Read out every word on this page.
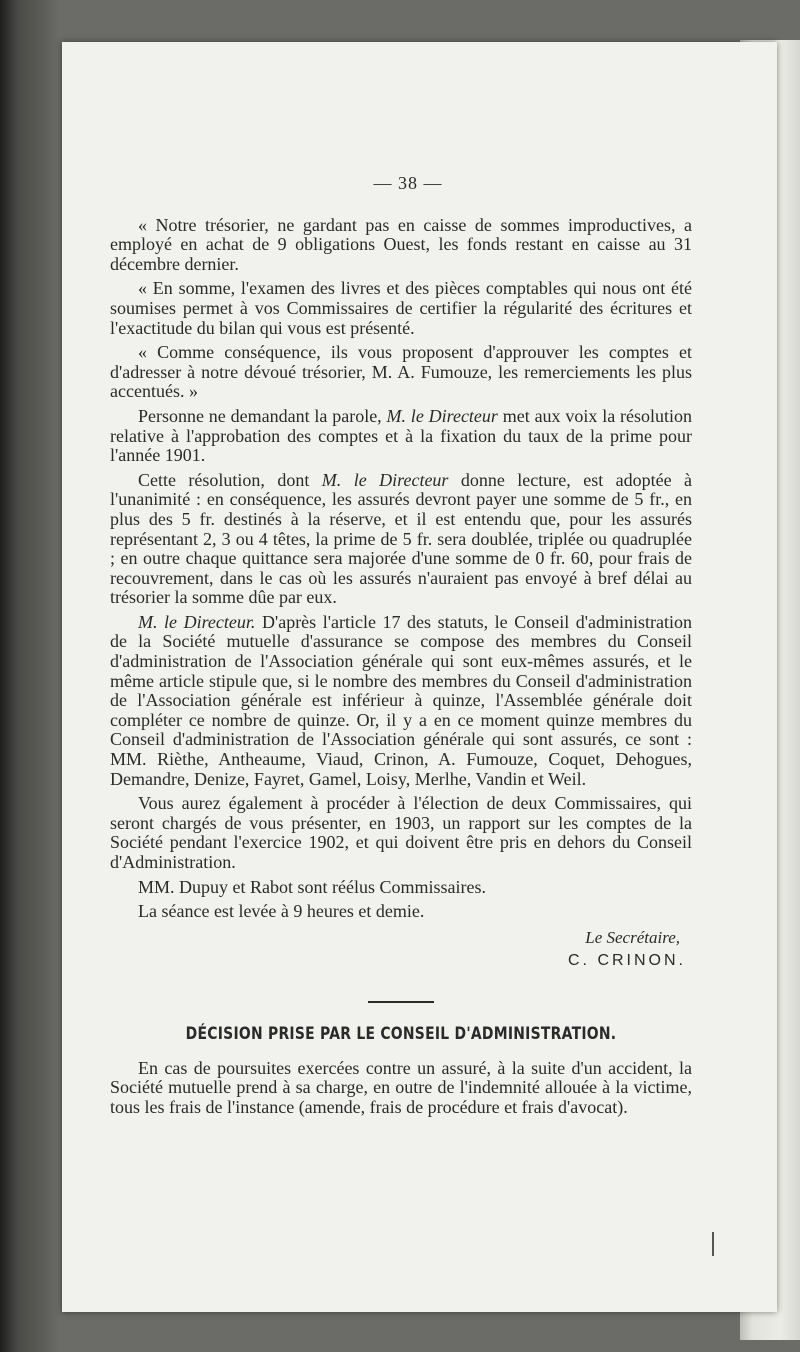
— 38 —

« Notre trésorier, ne gardant pas en caisse de sommes improductives, a employé en achat de 9 obligations Ouest, les fonds restant en caisse au 31 décembre dernier.

« En somme, l'examen des livres et des pièces comptables qui nous ont été soumises permet à vos Commissaires de certifier la régularité des écritures et l'exactitude du bilan qui vous est présenté.

« Comme conséquence, ils vous proposent d'approuver les comptes et d'adresser à notre dévoué trésorier, M. A. Fumouze, les remerciements les plus accentués. »

Personne ne demandant la parole, M. le Directeur met aux voix la résolution relative à l'approbation des comptes et à la fixation du taux de la prime pour l'année 1901.

Cette résolution, dont M. le Directeur donne lecture, est adoptée à l'unanimité : en conséquence, les assurés devront payer une somme de 5 fr., en plus des 5 fr. destinés à la réserve, et il est entendu que, pour les assurés représentant 2, 3 ou 4 têtes, la prime de 5 fr. sera doublée, triplée ou quadruplée ; en outre chaque quittance sera majorée d'une somme de 0 fr. 60, pour frais de recouvrement, dans le cas où les assurés n'auraient pas envoyé à bref délai au trésorier la somme dûe par eux.

M. le Directeur. D'après l'article 17 des statuts, le Conseil d'administration de la Société mutuelle d'assurance se compose des membres du Conseil d'administration de l'Association générale qui sont eux-mêmes assurés, et le même article stipule que, si le nombre des membres du Conseil d'administration de l'Association générale est inférieur à quinze, l'Assemblée générale doit compléter ce nombre de quinze. Or, il y a en ce moment quinze membres du Conseil d'administration de l'Association générale qui sont assurés, ce sont : MM. Rièthe, Antheaume, Viaud, Crinon, A. Fumouze, Coquet, Dehogues, Demandre, Denize, Fayret, Gamel, Loisy, Merlhe, Vandin et Weil.

Vous aurez également à procéder à l'élection de deux Commissaires, qui seront chargés de vous présenter, en 1903, un rapport sur les comptes de la Société pendant l'exercice 1902, et qui doivent être pris en dehors du Conseil d'Administration.

MM. Dupuy et Rabot sont réélus Commissaires.

La séance est levée à 9 heures et demie.

Le Secrétaire,
C. CRINON.
DÉCISION PRISE PAR LE CONSEIL D'ADMINISTRATION.

En cas de poursuites exercées contre un assuré, à la suite d'un accident, la Société mutuelle prend à sa charge, en outre de l'indemnité allouée à la victime, tous les frais de l'instance (amende, frais de procédure et frais d'avocat).
